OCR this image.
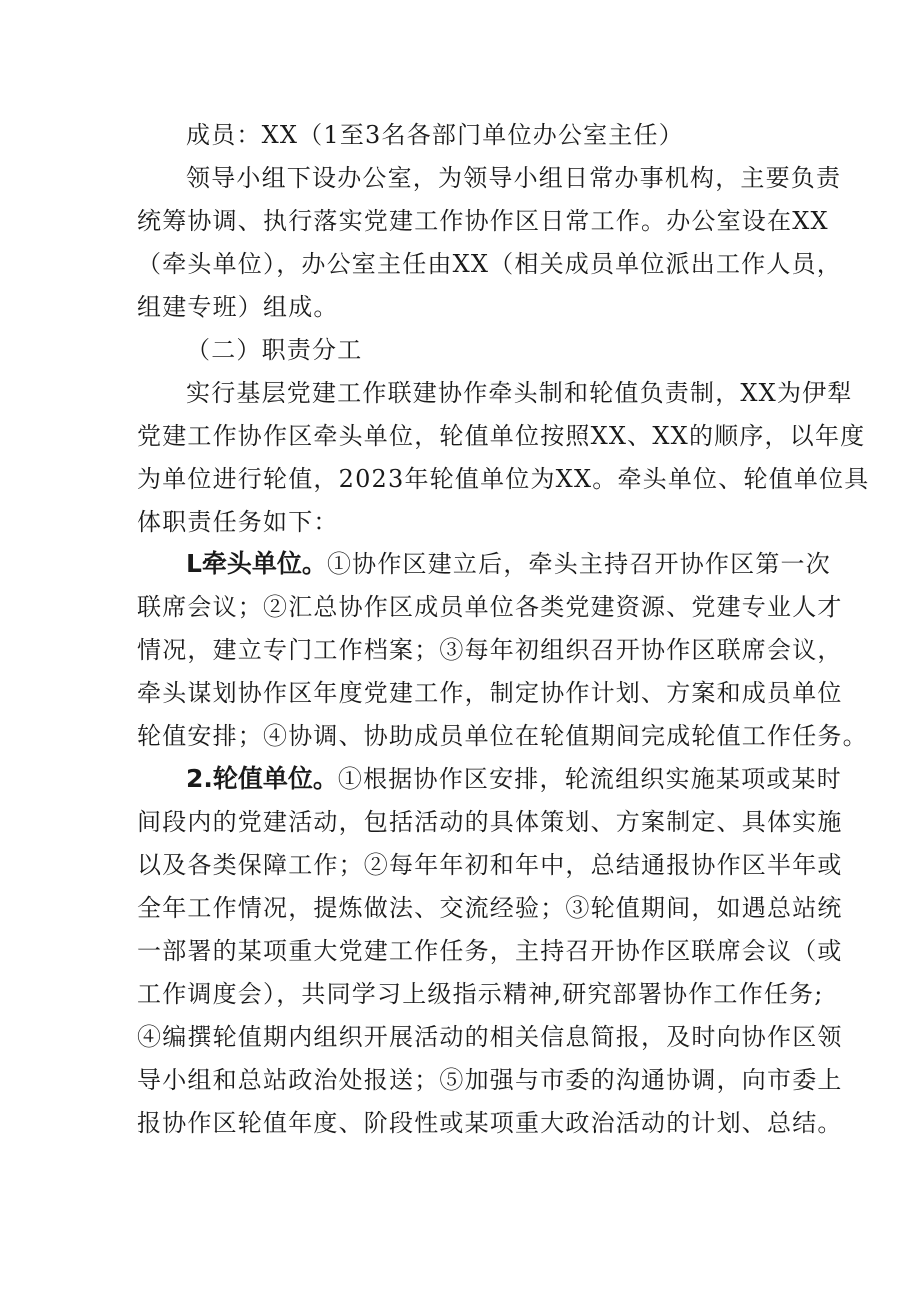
成员：XX（1至3名各部门单位办公室主任）
领导小组下设办公室，为领导小组日常办事机构，主要负责
统筹协调、执行落实党建工作协作区日常工作。办公室设在XX
（牵头单位），办公室主任由XX（相关成员单位派出工作人员，
组建专班）组成。
（二）职责分工
实行基层党建工作联建协作牵头制和轮值负责制，XX为伊犁
党建工作协作区牵头单位，轮值单位按照XX、XX的顺序，以年度
为单位进行轮值，2023年轮值单位为XX。牵头单位、轮值单位具
体职责任务如下：
L牵头单位。①协作区建立后，牵头主持召开协作区第一次
联席会议；②汇总协作区成员单位各类党建资源、党建专业人才
情况，建立专门工作档案；③每年初组织召开协作区联席会议，
牵头谋划协作区年度党建工作，制定协作计划、方案和成员单位
轮值安排；④协调、协助成员单位在轮值期间完成轮值工作任务。
2.轮值单位。①根据协作区安排，轮流组织实施某项或某时
间段内的党建活动，包括活动的具体策划、方案制定、具体实施
以及各类保障工作；②每年年初和年中，总结通报协作区半年或
全年工作情况，提炼做法、交流经验；③轮值期间，如遇总站统
一部署的某项重大党建工作任务，主持召开协作区联席会议（或
工作调度会），共同学习上级指示精神,研究部署协作工作任务;
④编撰轮值期内组织开展活动的相关信息简报，及时向协作区领
导小组和总站政治处报送；⑤加强与市委的沟通协调，向市委上
报协作区轮值年度、阶段性或某项重大政治活动的计划、总结。
